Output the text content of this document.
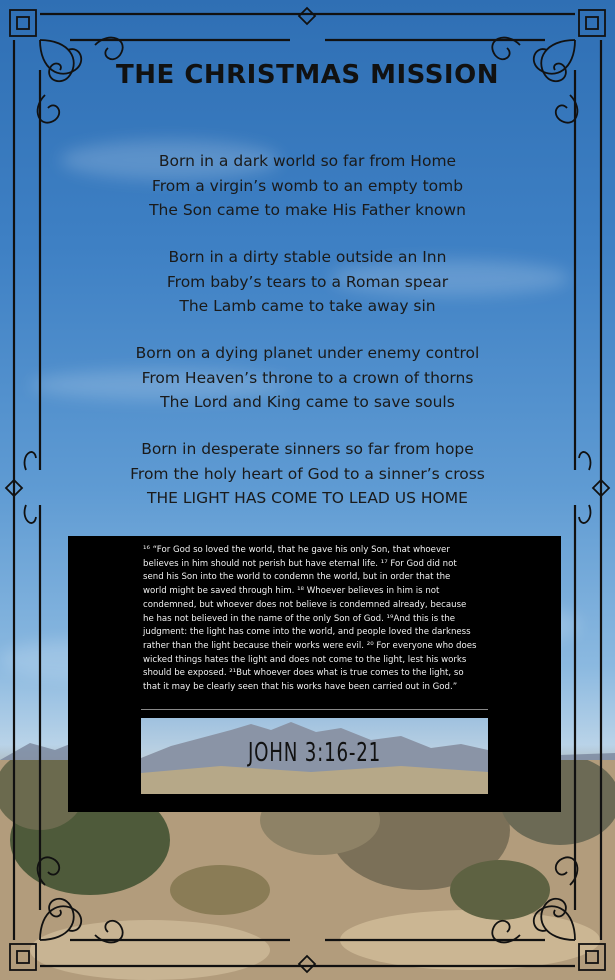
THE CHRISTMAS MISSION
Born in a dark world so far from Home
From a virgin’s womb to an empty tomb
The Son came to make His Father known
Born in a dirty stable outside an Inn
From baby’s tears to a Roman spear
The Lamb came to take away sin
Born on a dying planet under enemy control
From Heaven’s throne to a crown of thorns
The Lord and King came to save souls
Born in desperate sinners so far from hope
From the holy heart of God to a sinner’s cross
THE LIGHT HAS COME TO LEAD US HOME
¹⁶ “For God so loved the world, that he gave his only Son, that whoever
believes in him should not perish but have eternal life. ¹⁷ For God did not
send his Son into the world to condemn the world, but in order that the
world might be saved through him. ¹⁸ Whoever believes in him is not
condemned, but whoever does not believe is condemned already, because
he has not believed in the name of the only Son of God. ¹⁹And this is the
judgment: the light has come into the world, and people loved the darkness
rather than the light because their works were evil. ²⁰ For everyone who does
wicked things hates the light and does not come to the light, lest his works
should be exposed. ²¹But whoever does what is true comes to the light, so
that it may be clearly seen that his works have been carried out in God.”
JOHN 3:16-21
